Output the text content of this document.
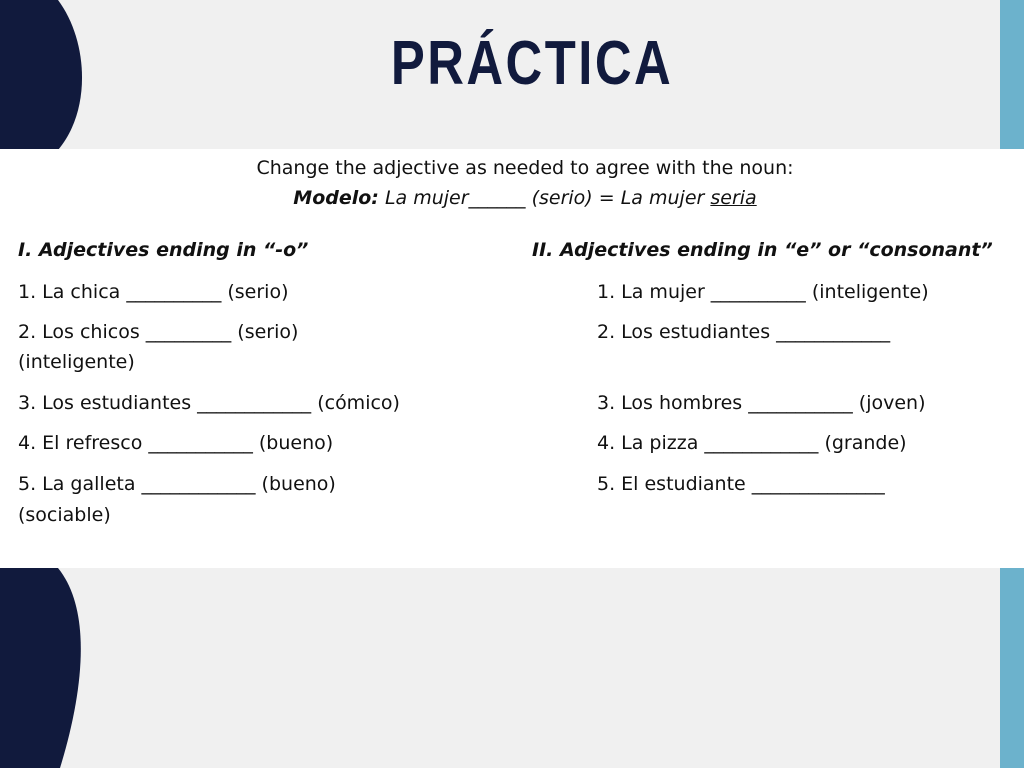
PRÁCTICA
Change the adjective as needed to agree with the noun:
Modelo: La mujer______ (serio) = La mujer seria
I. Adjectives ending in “-o”	II. Adjectives ending in “e” or “consonant”
1. La chica __________ (serio)
2. Los chicos _________ (serio)
(inteligente)
3. Los estudiantes ____________ (cómico)
4. El refresco ___________ (bueno)
5. La galleta ____________ (bueno)
(sociable)
1. La mujer __________ (inteligente)
2. Los estudiantes ____________
3. Los hombres ___________ (joven)
4. La pizza ____________ (grande)
5. El estudiante ______________
